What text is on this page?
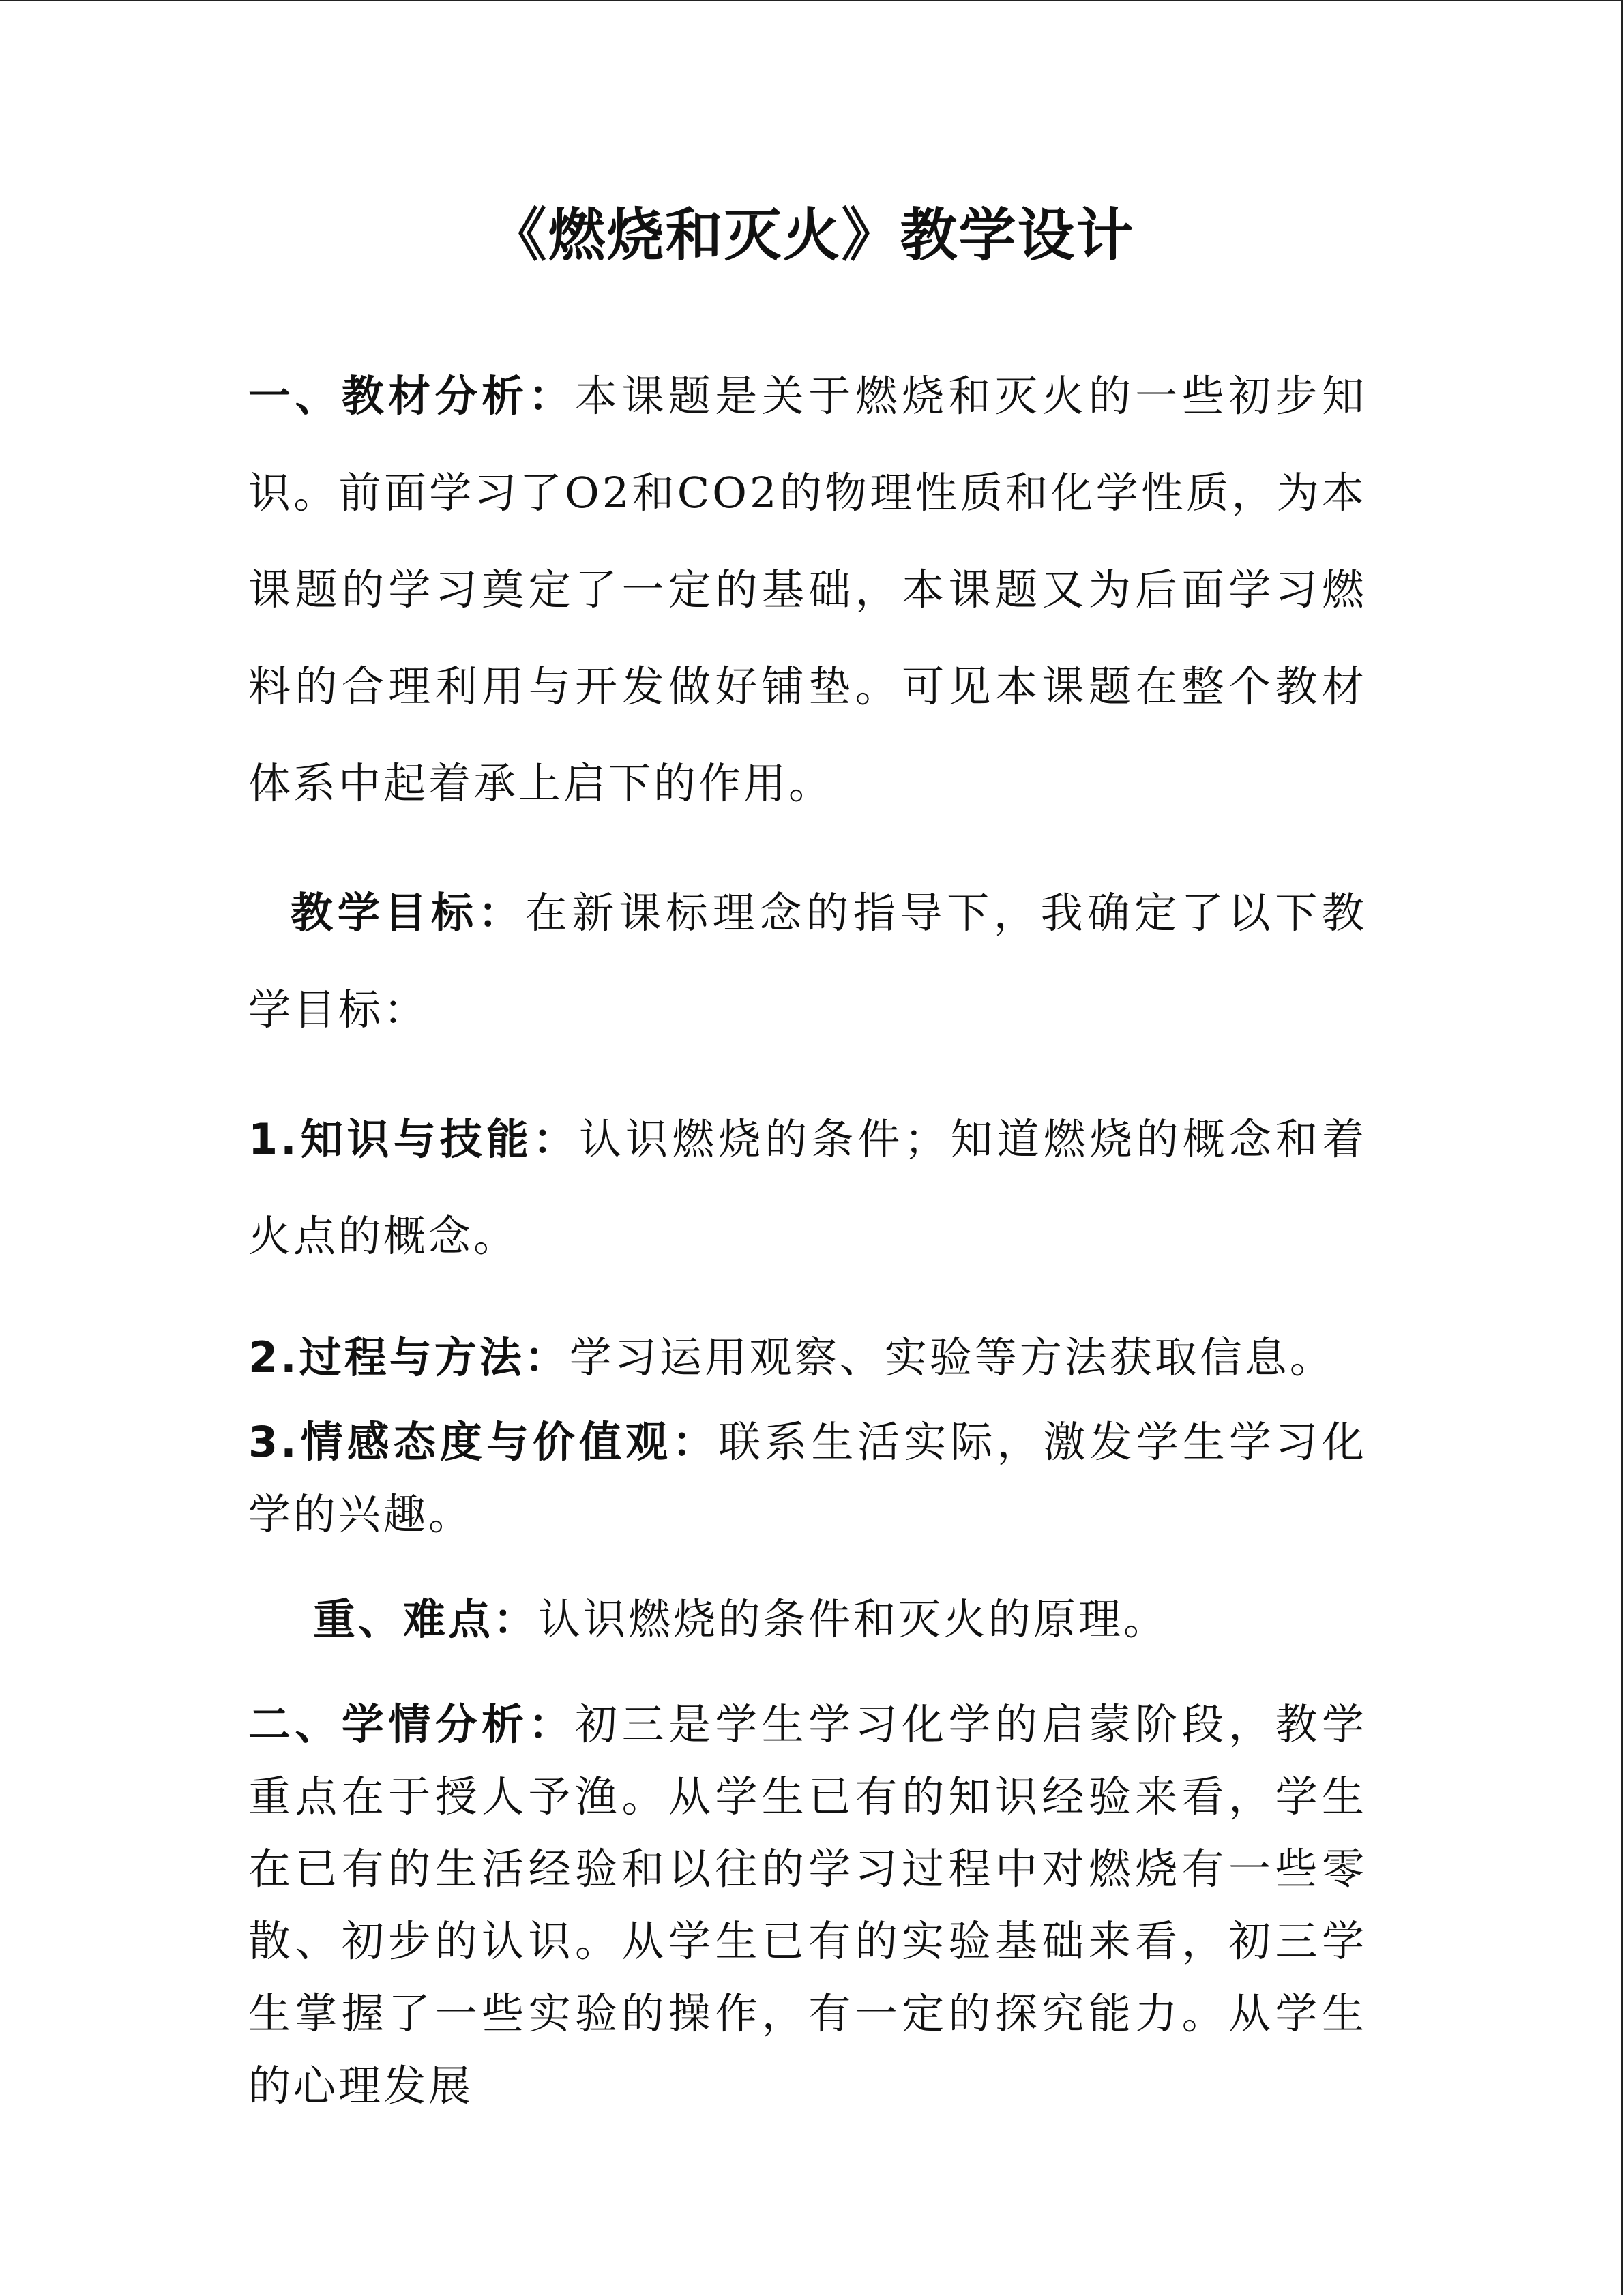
《燃烧和灭火》教学设计

一、教材分析：本课题是关于燃烧和灭火的一些初步知识。前面学习了O2和CO2的物理性质和化学性质，为本课题的学习奠定了一定的基础，本课题又为后面学习燃料的合理利用与开发做好铺垫。可见本课题在整个教材体系中起着承上启下的作用。

教学目标：在新课标理念的指导下，我确定了以下教学目标：

1.知识与技能：认识燃烧的条件；知道燃烧的概念和着火点的概念。

2.过程与方法：学习运用观察、实验等方法获取信息。

3.情感态度与价值观：联系生活实际，激发学生学习化学的兴趣。

重、难点：认识燃烧的条件和灭火的原理。

二、学情分析：初三是学生学习化学的启蒙阶段，教学重点在于授人予渔。从学生已有的知识经验来看，学生在已有的生活经验和以往的学习过程中对燃烧有一些零散、初步的认识。从学生已有的实验基础来看，初三学生掌握了一些实验的操作，有一定的探究能力。从学生的心理发展
